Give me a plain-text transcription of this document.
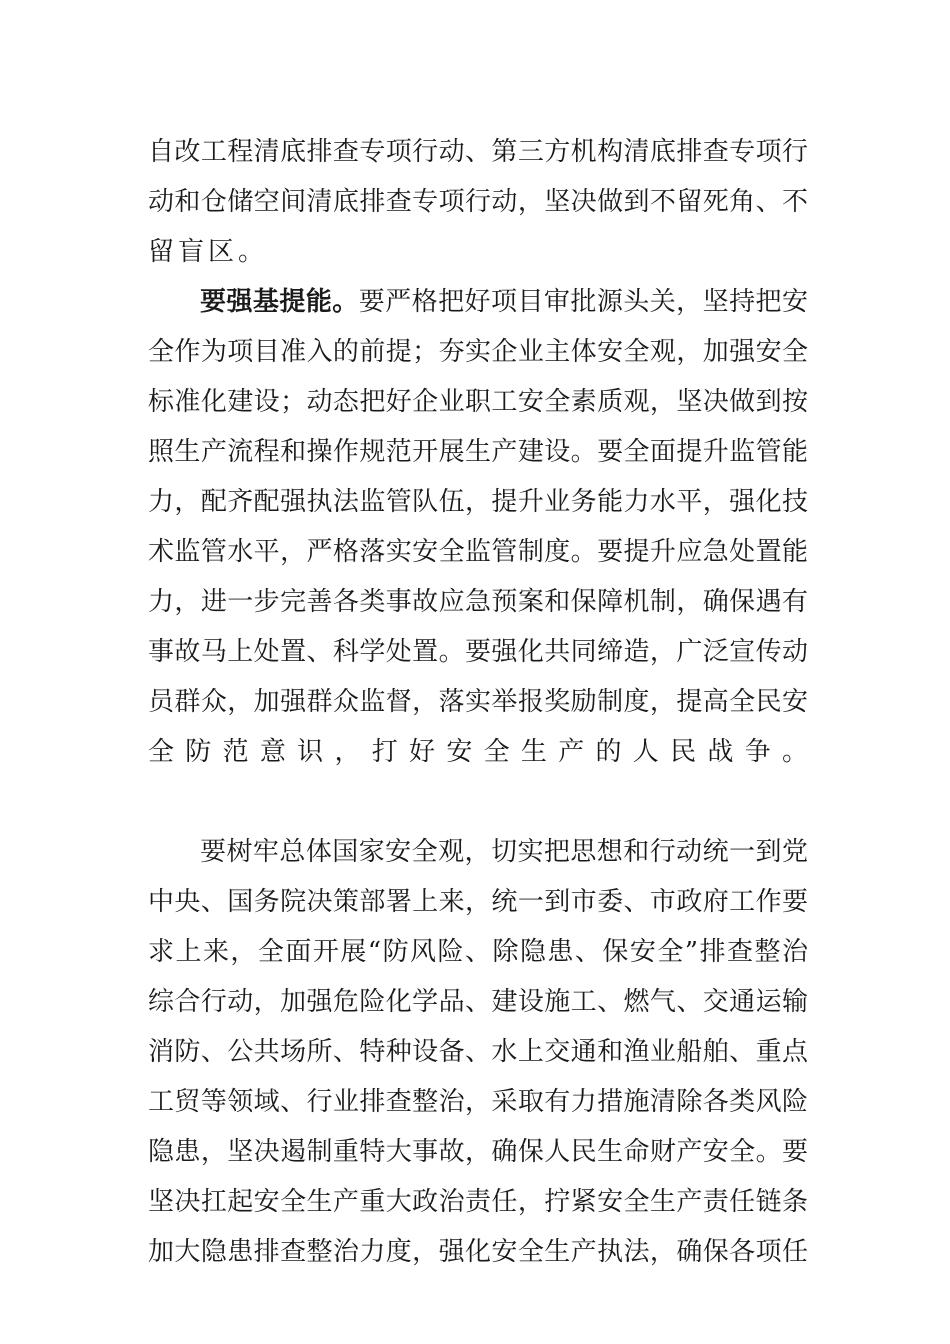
自改工程清底排查专项行动、第三方机构清底排查专项行
动和仓储空间清底排查专项行动，坚决做到不留死角、不
留盲区。
要强基提能。要严格把好项目审批源头关，坚持把安
全作为项目准入的前提；夯实企业主体安全观，加强安全
标准化建设；动态把好企业职工安全素质观，坚决做到按
照生产流程和操作规范开展生产建设。要全面提升监管能
力，配齐配强执法监管队伍，提升业务能力水平，强化技
术监管水平，严格落实安全监管制度。要提升应急处置能
力，进一步完善各类事故应急预案和保障机制，确保遇有
事故马上处置、科学处置。要强化共同缔造，广泛宣传动
员群众，加强群众监督，落实举报奖励制度，提高全民安
全防范意识，打好安全生产的人民战争。
要树牢总体国家安全观，切实把思想和行动统一到党
中央、国务院决策部署上来，统一到市委、市政府工作要
求上来，全面开展“防风险、除隐患、保安全”排查整治
综合行动，加强危险化学品、建设施工、燃气、交通运输
消防、公共场所、特种设备、水上交通和渔业船舶、重点
工贸等领域、行业排查整治，采取有力措施清除各类风险
隐患，坚决遏制重特大事故，确保人民生命财产安全。要
坚决扛起安全生产重大政治责任，拧紧安全生产责任链条
加大隐患排查整治力度，强化安全生产执法，确保各项任
